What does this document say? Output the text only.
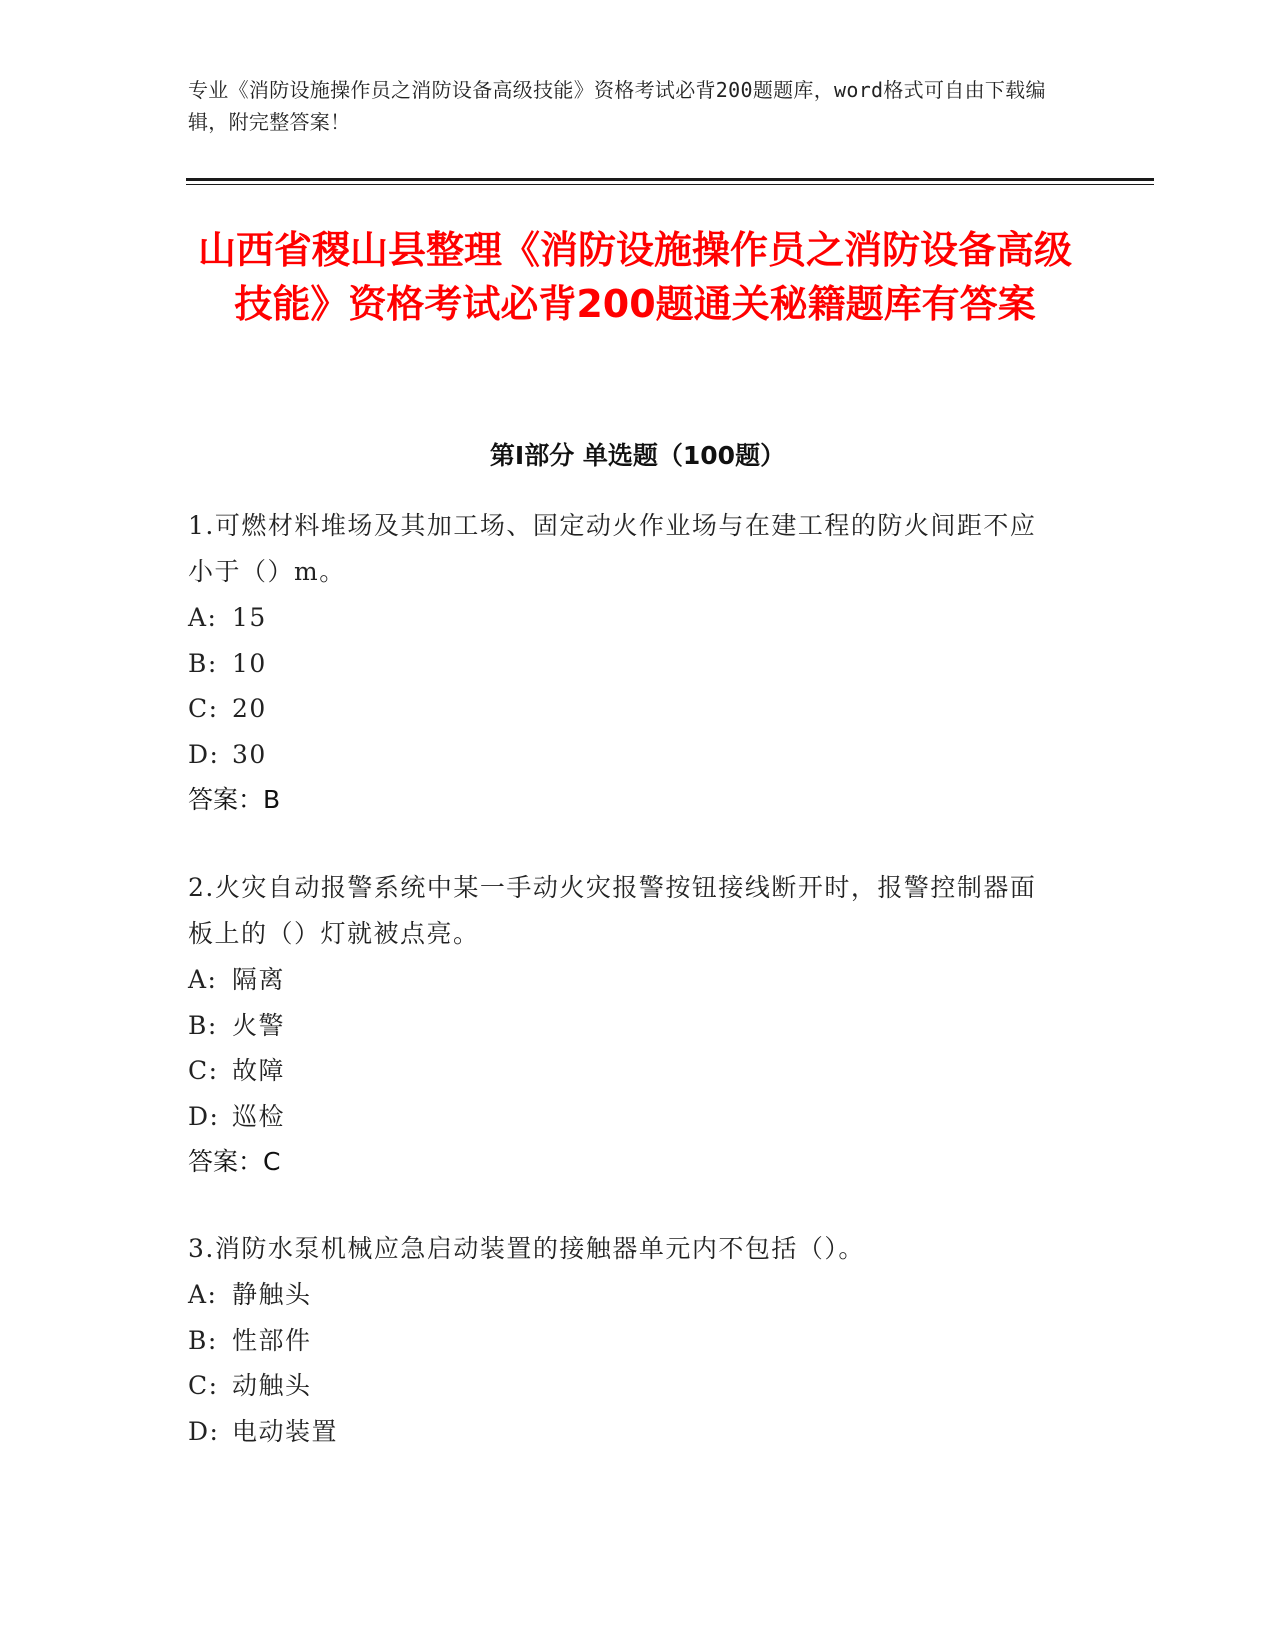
专业《消防设施操作员之消防设备高级技能》资格考试必背200题题库，word格式可自由下载编辑，附完整答案！
山西省稷山县整理《消防设施操作员之消防设备高级技能》资格考试必背200题通关秘籍题库有答案
第Ⅰ部分 单选题（100题）
1.可燃材料堆场及其加工场、固定动火作业场与在建工程的防火间距不应小于（）m。
A: 15
B: 10
C: 20
D: 30
答案：B
2.火灾自动报警系统中某一手动火灾报警按钮接线断开时，报警控制器面板上的（）灯就被点亮。
A: 隔离
B: 火警
C: 故障
D: 巡检
答案：C
3.消防水泵机械应急启动装置的接触器单元内不包括（）。
A: 静触头
B: 性部件
C: 动触头
D: 电动装置
